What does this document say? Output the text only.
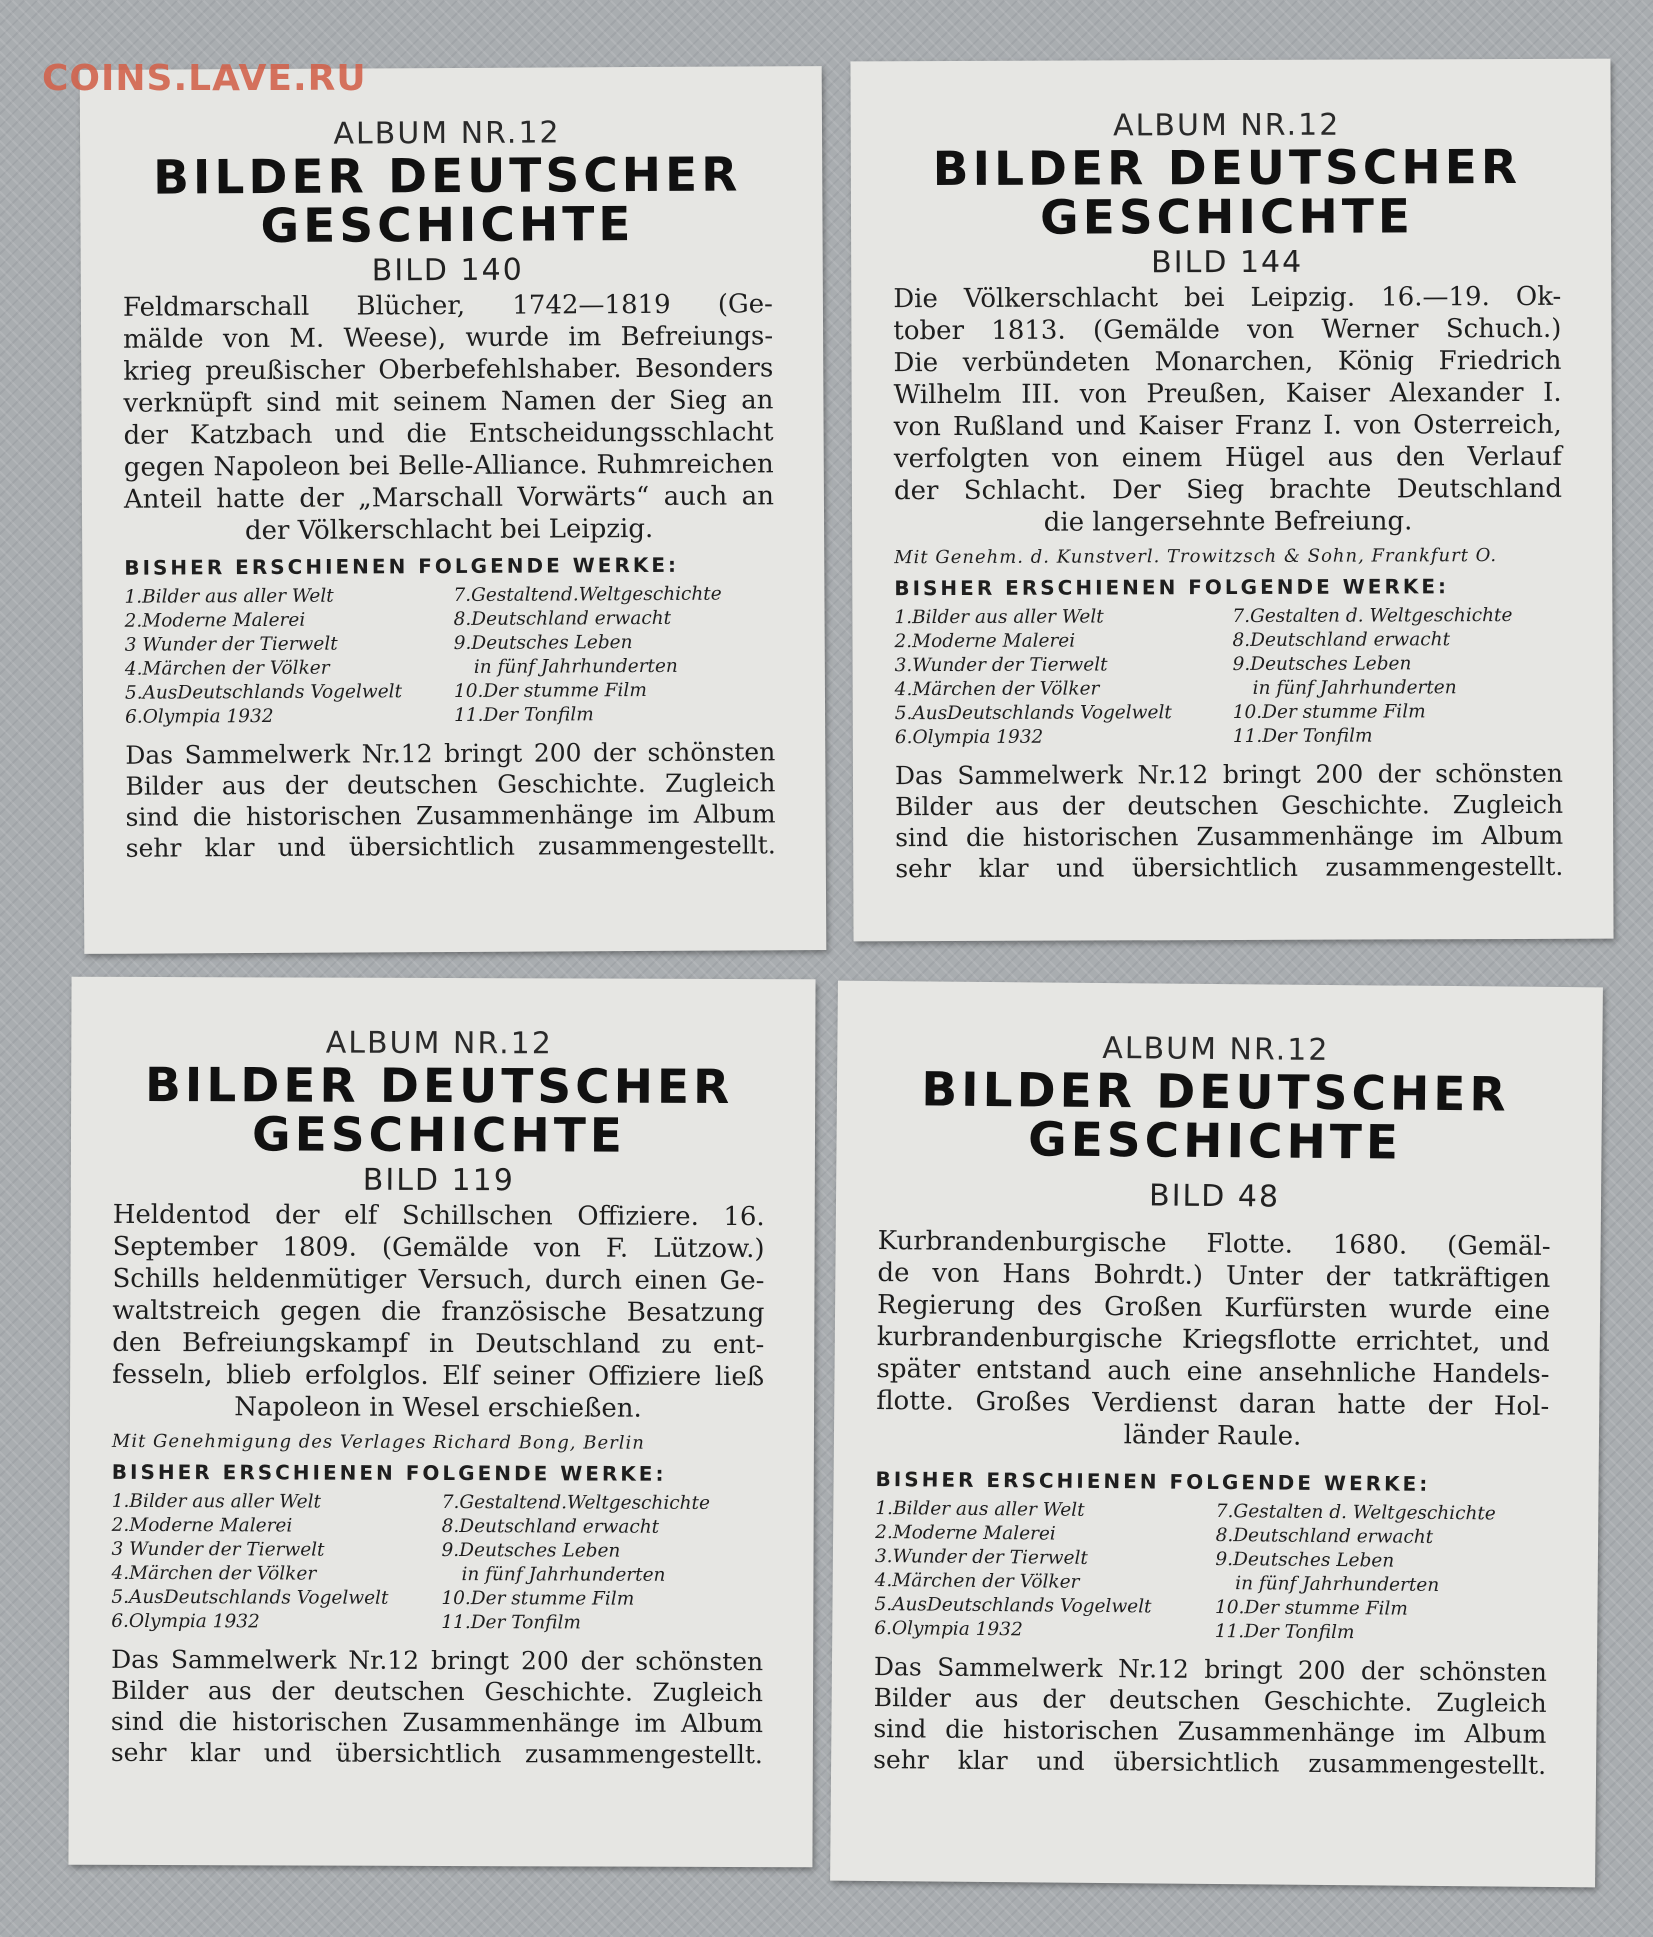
COINS.LAVE.RU
ALBUM NR.12
BILDER DEUTSCHER
GESCHICHTE
BILD 140
Feldmarschall Blücher, 1742—1819 (Ge-
mälde von M. Weese), wurde im Befreiungs-
krieg preußischer Oberbefehlshaber. Besonders
verknüpft sind mit seinem Namen der Sieg an
der Katzbach und die Entscheidungsschlacht
gegen Napoleon bei Belle-Alliance. Ruhmreichen
Anteil hatte der „Marschall Vorwärts“ auch an
der Völkerschlacht bei Leipzig.
BISHER ERSCHIENEN FOLGENDE WERKE:
1.Bilder aus aller Welt
2.Moderne Malerei
3 Wunder der Tierwelt
4.Märchen der Völker
5.AusDeutschlands Vogelwelt
6.Olympia 1932
7.Gestaltend.Weltgeschichte
8.Deutschland erwacht
9.Deutsches Leben
in fünf Jahrhunderten
10.Der stumme Film
11.Der Tonfilm
Das Sammelwerk Nr.12 bringt 200 der schönsten
Bilder aus der deutschen Geschichte. Zugleich
sind die historischen Zusammenhänge im Album
sehr klar und übersichtlich zusammengestellt.
ALBUM NR.12
BILDER DEUTSCHER
GESCHICHTE
BILD 144
Die Völkerschlacht bei Leipzig. 16.—19. Ok-
tober 1813. (Gemälde von Werner Schuch.)
Die verbündeten Monarchen, König Friedrich
Wilhelm III. von Preußen, Kaiser Alexander I.
von Rußland und Kaiser Franz I. von Osterreich,
verfolgten von einem Hügel aus den Verlauf
der Schlacht. Der Sieg brachte Deutschland
die langersehnte Befreiung.
Mit Genehm. d. Kunstverl. Trowitzsch & Sohn, Frankfurt O.
BISHER ERSCHIENEN FOLGENDE WERKE:
1.Bilder aus aller Welt
2.Moderne Malerei
3.Wunder der Tierwelt
4.Märchen der Völker
5.AusDeutschlands Vogelwelt
6.Olympia 1932
7.Gestalten d. Weltgeschichte
8.Deutschland erwacht
9.Deutsches Leben
in fünf Jahrhunderten
10.Der stumme Film
11.Der Tonfilm
Das Sammelwerk Nr.12 bringt 200 der schönsten
Bilder aus der deutschen Geschichte. Zugleich
sind die historischen Zusammenhänge im Album
sehr klar und übersichtlich zusammengestellt.
ALBUM NR.12
BILDER DEUTSCHER
GESCHICHTE
BILD 119
Heldentod der elf Schillschen Offiziere. 16.
September 1809. (Gemälde von F. Lützow.)
Schills heldenmütiger Versuch, durch einen Ge-
waltstreich gegen die französische Besatzung
den Befreiungskampf in Deutschland zu ent-
fesseln, blieb erfolglos. Elf seiner Offiziere ließ
Napoleon in Wesel erschießen.
Mit Genehmigung des Verlages Richard Bong, Berlin
BISHER ERSCHIENEN FOLGENDE WERKE:
1.Bilder aus aller Welt
2.Moderne Malerei
3 Wunder der Tierwelt
4.Märchen der Völker
5.AusDeutschlands Vogelwelt
6.Olympia 1932
7.Gestaltend.Weltgeschichte
8.Deutschland erwacht
9.Deutsches Leben
in fünf Jahrhunderten
10.Der stumme Film
11.Der Tonfilm
Das Sammelwerk Nr.12 bringt 200 der schönsten
Bilder aus der deutschen Geschichte. Zugleich
sind die historischen Zusammenhänge im Album
sehr klar und übersichtlich zusammengestellt.
ALBUM NR.12
BILDER DEUTSCHER
GESCHICHTE
BILD 48
Kurbrandenburgische Flotte. 1680. (Gemäl-
de von Hans Bohrdt.) Unter der tatkräftigen
Regierung des Großen Kurfürsten wurde eine
kurbrandenburgische Kriegsflotte errichtet, und
später entstand auch eine ansehnliche Handels-
flotte. Großes Verdienst daran hatte der Hol-
länder Raule.
BISHER ERSCHIENEN FOLGENDE WERKE:
1.Bilder aus aller Welt
2.Moderne Malerei
3.Wunder der Tierwelt
4.Märchen der Völker
5.AusDeutschlands Vogelwelt
6.Olympia 1932
7.Gestalten d. Weltgeschichte
8.Deutschland erwacht
9.Deutsches Leben
in fünf Jahrhunderten
10.Der stumme Film
11.Der Tonfilm
Das Sammelwerk Nr.12 bringt 200 der schönsten
Bilder aus der deutschen Geschichte. Zugleich
sind die historischen Zusammenhänge im Album
sehr klar und übersichtlich zusammengestellt.
